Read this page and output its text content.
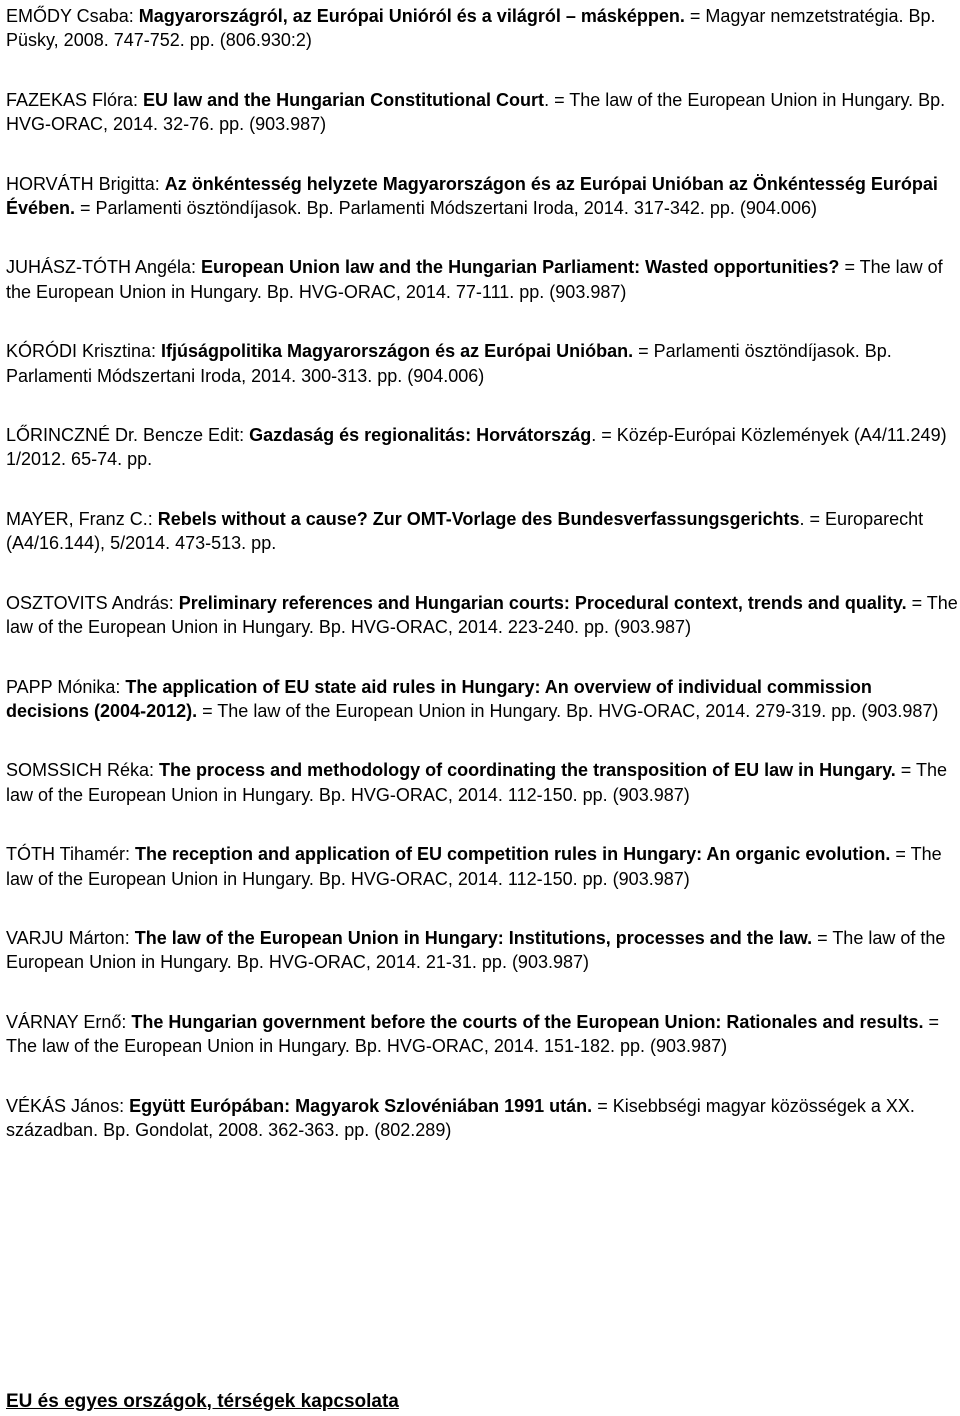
EMŐDY Csaba: Magyarországról, az Európai Unióról és a világról – másképpen. = Magyar nemzetstratégia. Bp. Püsky, 2008. 747-752. pp. (806.930:2)

FAZEKAS Flóra: EU law and the Hungarian Constitutional Court. = The law of the European Union in Hungary. Bp. HVG-ORAC, 2014. 32-76. pp. (903.987)

HORVÁTH Brigitta: Az önkéntesség helyzete Magyarországon és az Európai Unióban az Önkéntesség Európai Évében. = Parlamenti ösztöndíjasok. Bp. Parlamenti Módszertani Iroda, 2014. 317-342. pp. (904.006)

JUHÁSZ-TÓTH Angéla: European Union law and the Hungarian Parliament: Wasted opportunities? = The law of the European Union in Hungary. Bp. HVG-ORAC, 2014. 77-111. pp. (903.987)

KÓRÓDI Krisztina: Ifjúságpolitika Magyarországon és az Európai Unióban. = Parlamenti ösztöndíjasok. Bp. Parlamenti Módszertani Iroda, 2014. 300-313. pp. (904.006)

LŐRINCZNÉ Dr. Bencze Edit: Gazdaság és regionalitás: Horvátország. = Közép-Európai Közlemények (A4/11.249) 1/2012. 65-74. pp.

MAYER, Franz C.: Rebels without a cause? Zur OMT-Vorlage des Bundesverfassungsgerichts. = Europarecht (A4/16.144), 5/2014. 473-513. pp.

OSZTOVITS András: Preliminary references and Hungarian courts: Procedural context, trends and quality. = The law of the European Union in Hungary. Bp. HVG-ORAC, 2014. 223-240. pp. (903.987)

PAPP Mónika: The application of EU state aid rules in Hungary: An overview of individual commission decisions (2004-2012). = The law of the European Union in Hungary. Bp. HVG-ORAC, 2014. 279-319. pp. (903.987)

SOMSSICH Réka: The process and methodology of coordinating the transposition of EU law in Hungary. = The law of the European Union in Hungary. Bp. HVG-ORAC, 2014. 112-150. pp. (903.987)

TÓTH Tihamér: The reception and application of EU competition rules in Hungary: An organic evolution. = The law of the European Union in Hungary. Bp. HVG-ORAC, 2014. 112-150. pp. (903.987)

VARJU Márton: The law of the European Union in Hungary: Institutions, processes and the law. = The law of the European Union in Hungary. Bp. HVG-ORAC, 2014. 21-31. pp. (903.987)

VÁRNAY Ernő: The Hungarian government before the courts of the European Union: Rationales and results. = The law of the European Union in Hungary. Bp. HVG-ORAC, 2014. 151-182. pp. (903.987)

VÉKÁS János: Együtt Európában: Magyarok Szlovéniában 1991 után. = Kisebbségi magyar közösségek a XX. században. Bp. Gondolat, 2008. 362-363. pp. (802.289)

EU és egyes országok, térségek kapcsolata
